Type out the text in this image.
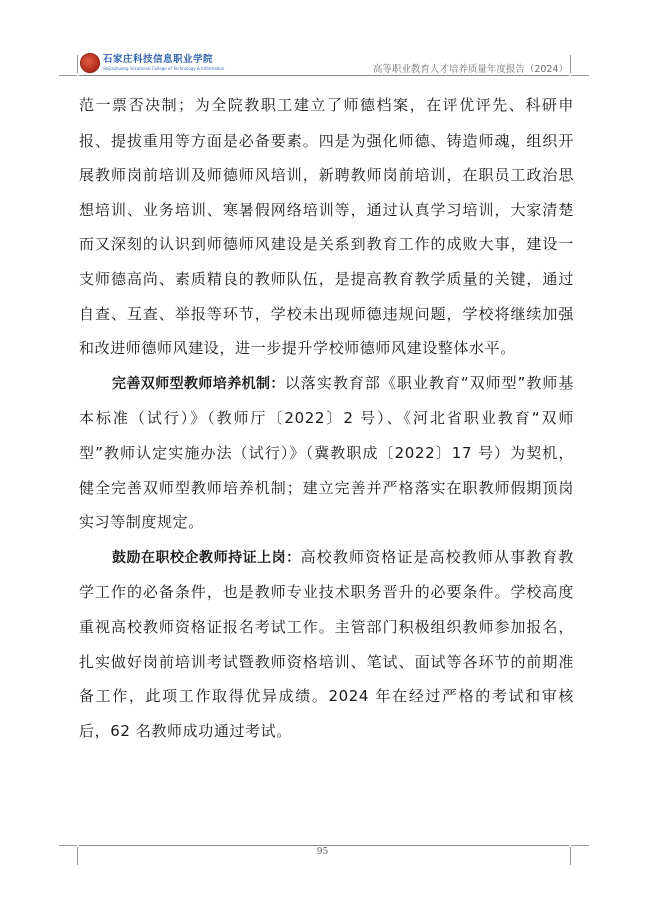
石家庄科技信息职业学院
Shijiazhuang Vocational College of Technology & Information	高等职业教育人才培养质量年度报告（2024）

范一票否决制；为全院教职工建立了师德档案，在评优评先、科研申报、提拔重用等方面是必备要素。四是为强化师德、铸造师魂，组织开展教师岗前培训及师德师风培训，新聘教师岗前培训，在职员工政治思想培训、业务培训、寒暑假网络培训等，通过认真学习培训，大家清楚而又深刻的认识到师德师风建设是关系到教育工作的成败大事，建设一支师德高尚、素质精良的教师队伍，是提高教育教学质量的关键，通过自查、互查、举报等环节，学校未出现师德违规问题，学校将继续加强和改进师德师风建设，进一步提升学校师德师风建设整体水平。

完善双师型教师培养机制：以落实教育部《职业教育“双师型”教师基本标准（试行）》（教师厅〔2022〕2 号）、《河北省职业教育“双师型”教师认定实施办法（试行）》（冀教职成〔2022〕17 号）为契机，健全完善双师型教师培养机制；建立完善并严格落实在职教师假期顶岗实习等制度规定。

鼓励在职校企教师持证上岗：高校教师资格证是高校教师从事教育教学工作的必备条件，也是教师专业技术职务晋升的必要条件。学校高度重视高校教师资格证报名考试工作。主管部门积极组织教师参加报名，扎实做好岗前培训考试暨教师资格培训、笔试、面试等各环节的前期准备工作，此项工作取得优异成绩。2024 年在经过严格的考试和审核后，62 名教师成功通过考试。

95
